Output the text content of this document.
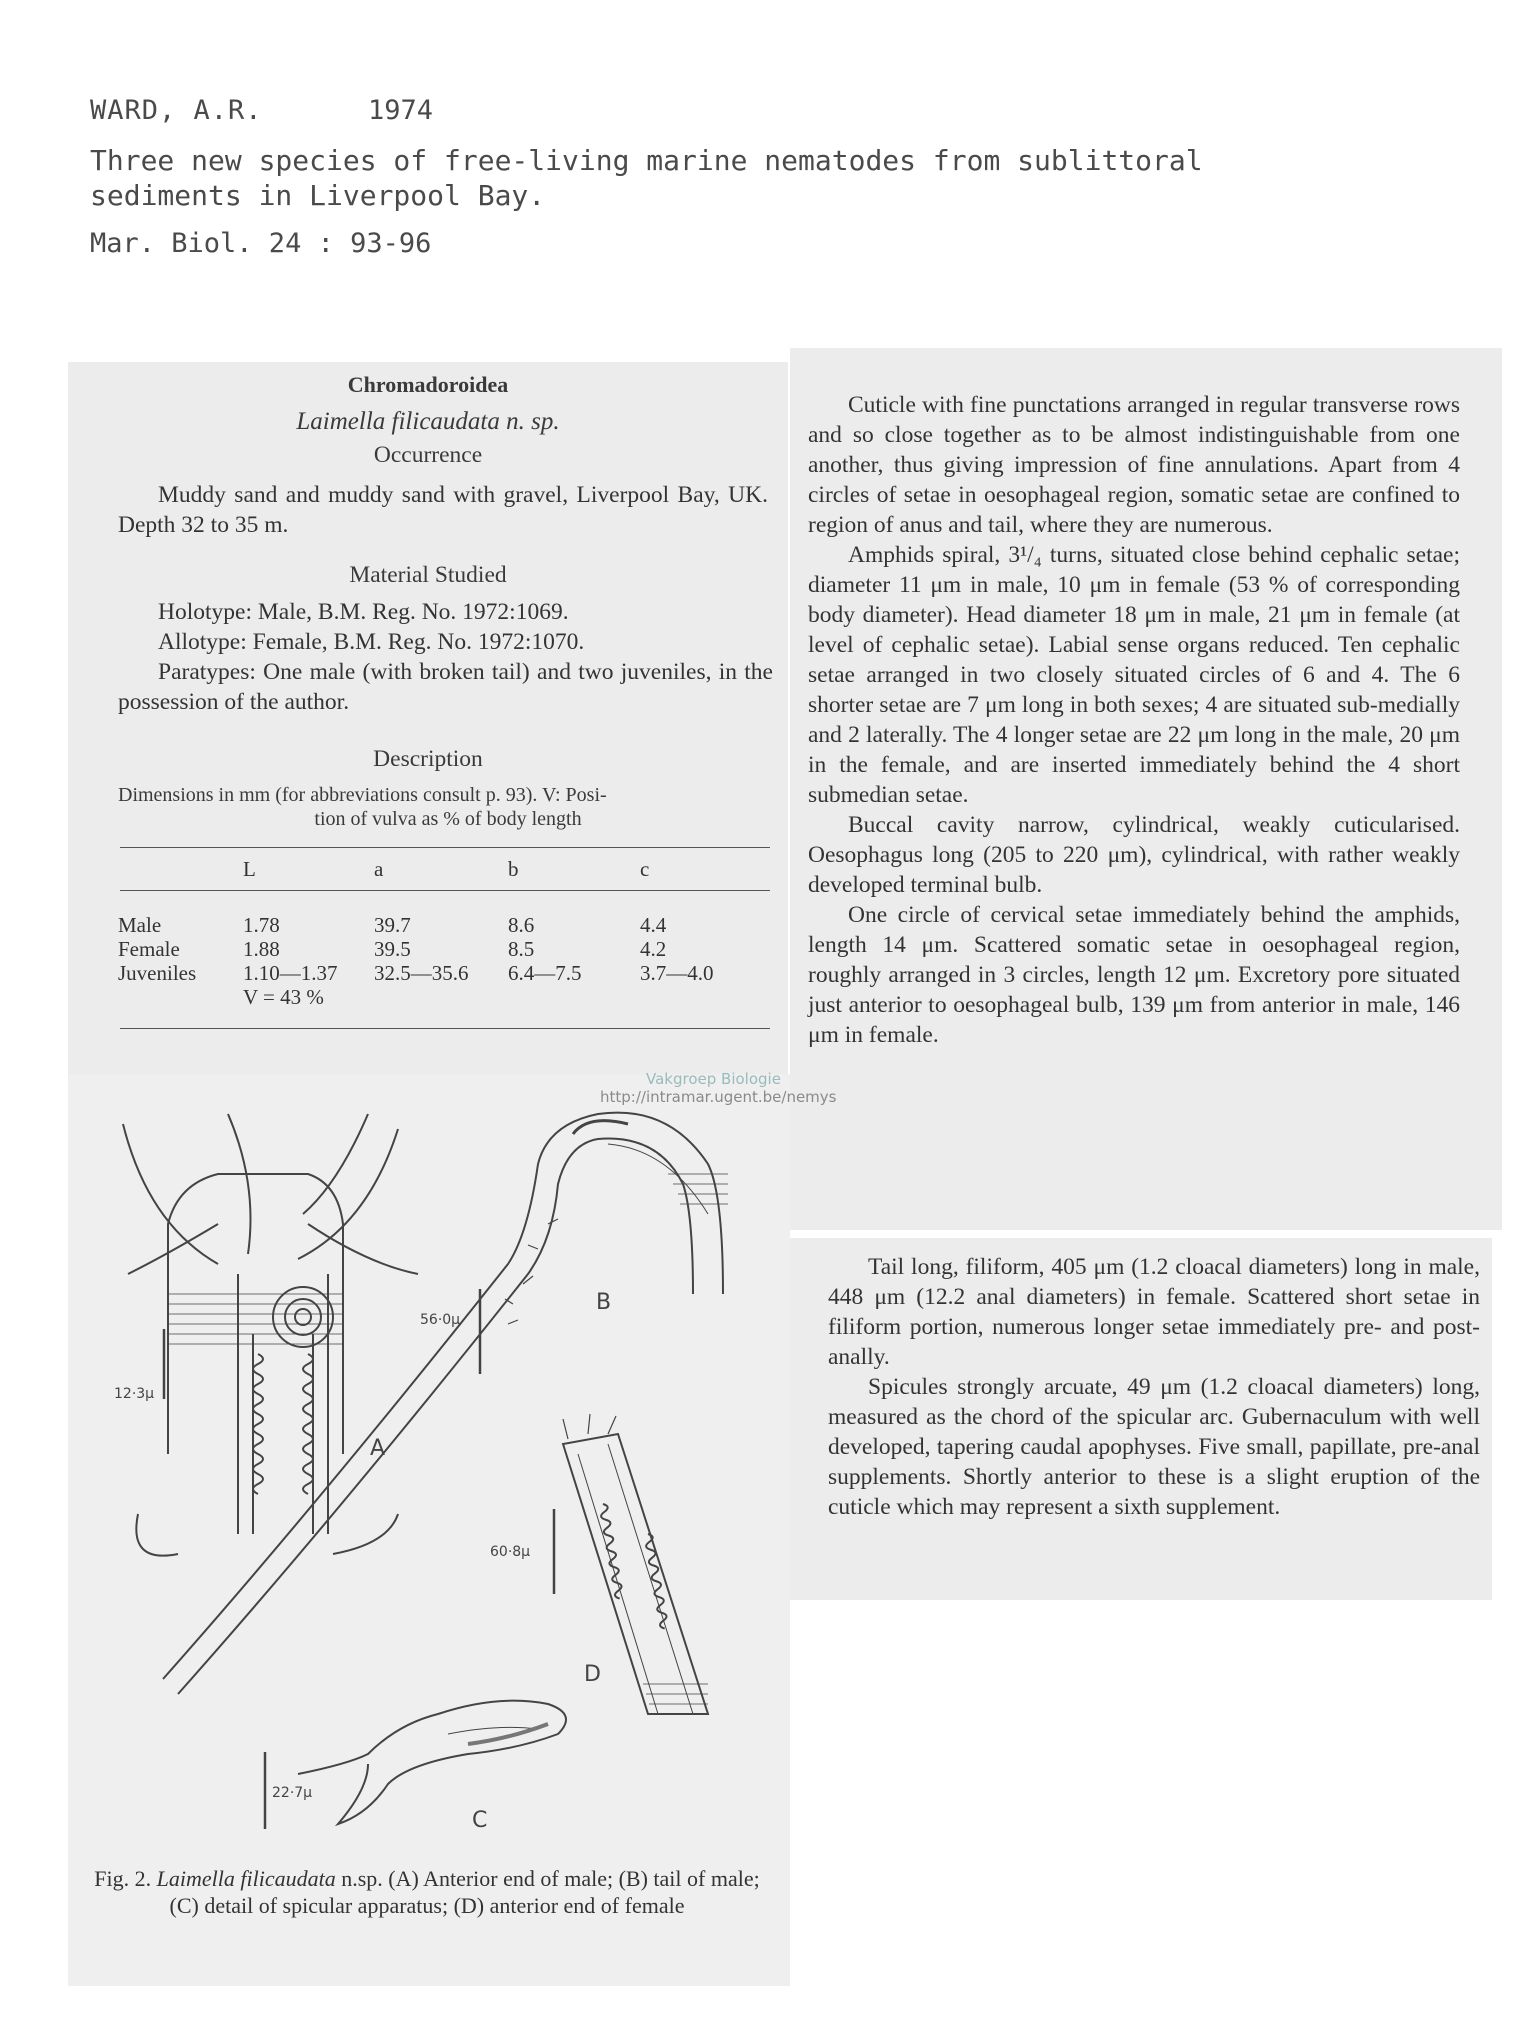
WARD, A.R.	1974
Three new species of free-living marine nematodes from sublittoral
sediments in Liverpool Bay.
Mar. Biol. 24 : 93-96
Chromadoroidea
Laimella filicaudata n. sp.
Occurrence
Muddy sand and muddy sand with gravel, Liverpool Bay, UK. Depth 32 to 35 m.
Material Studied
Holotype: Male, B.M. Reg. No. 1972:1069.
Allotype: Female, B.M. Reg. No. 1972:1070.
Paratypes: One male (with broken tail) and two juveniles, in the possession of the author.
Description
Dimensions in mm (for abbreviations consult p. 93). V: Posi-
tion of vulva as % of body length
L	a	b	c
Male	1.78	39.7	8.6	4.4
Female	1.88	39.5	8.5	4.2
Juveniles 1.10—1.37 32.5—35.6 6.4—7.5	3.7—4.0
V = 43 %

Cuticle with fine punctations arranged in regular transverse rows and so close together as to be almost indistinguishable from one another, thus giving impression of fine annulations. Apart from 4 circles of setae in oesophageal region, somatic setae are confined to region of anus and tail, where they are numerous.

Amphids spiral, 3¹/₄ turns, situated close behind cephalic setae; diameter 11 μm in male, 10 μm in female (53 % of corresponding body diameter). Head diameter 18 μm in male, 21 μm in female (at level of cephalic setae). Labial sense organs reduced. Ten cephalic setae arranged in two closely situated circles of 6 and 4. The 6 shorter setae are 7 μm long in both sexes; 4 are situated sub-medially and 2 laterally. The 4 longer setae are 22 μm long in the male, 20 μm in the female, and are inserted immediately behind the 4 short submedian setae.

Buccal cavity narrow, cylindrical, weakly cuticularised. Oesophagus long (205 to 220 μm), cylindrical, with rather weakly developed terminal bulb.

One circle of cervical setae immediately behind the amphids, length 14 μm. Scattered somatic setae in oesophageal region, roughly arranged in 3 circles, length 12 μm. Excretory pore situated just anterior to oesophageal bulb, 139 μm from anterior in male, 146 μm in female.

Tail long, filiform, 405 μm (1.2 cloacal diameters) long in male, 448 μm (12.2 anal diameters) in female. Scattered short setae in filiform portion, numerous longer setae immediately pre- and post-anally.

Spicules strongly arcuate, 49 μm (1.2 cloacal diameters) long, measured as the chord of the spicular arc. Gubernaculum with well developed, tapering caudal apophyses. Five small, papillate, pre-anal supplements. Shortly anterior to these is a slight eruption of the cuticle which may represent a sixth supplement.

Vakgroep Biologie
http://intramar.ugent.be/nemys
A
B
C
D
12·3μ
56·0μ
22·7μ
60·8μ
Fig. 2. Laimella filicaudata n.sp. (A) Anterior end of male; (B) tail of male; (C) detail of spicular apparatus; (D) anterior end of female
